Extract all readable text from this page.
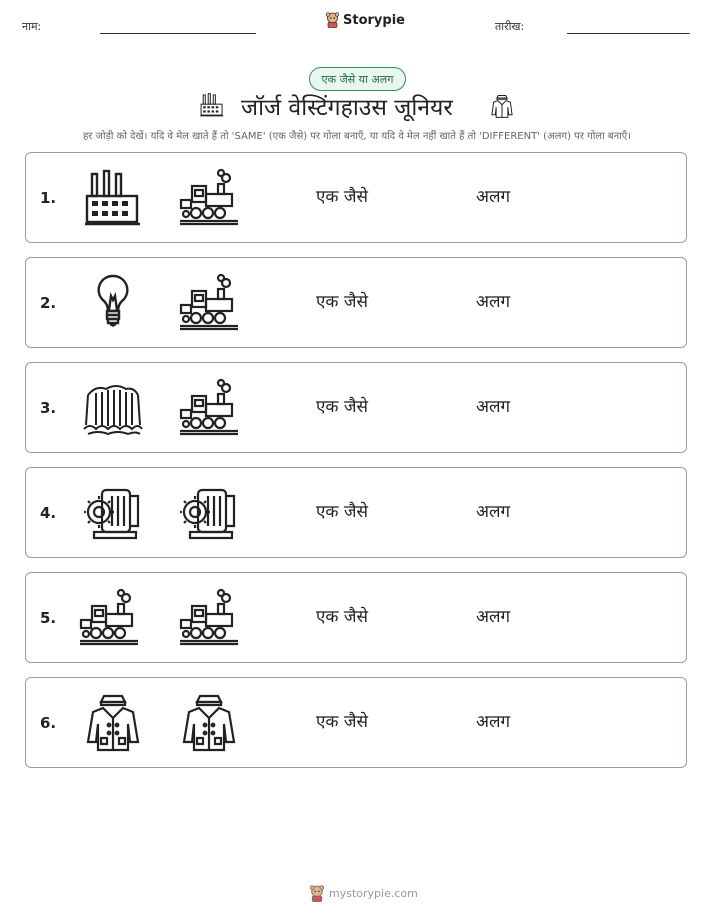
नाम:	Storypie	तारीख:
एक जैसे या अलग
जॉर्ज वेस्टिंगहाउस जूनियर
हर जोड़ी को देखें। यदि वे मेल खाते हैं तो 'SAME' (एक जैसे) पर गोला बनाएँ, या यदि वे मेल नहीं खाते हैं तो 'DIFFERENT' (अलग) पर गोला बनाएँ।
1.	एक जैसे	अलग
2.	एक जैसे	अलग
3.	एक जैसे	अलग
4.	एक जैसे	अलग
5.	एक जैसे	अलग
6.	एक जैसे	अलग
mystorypie.com
